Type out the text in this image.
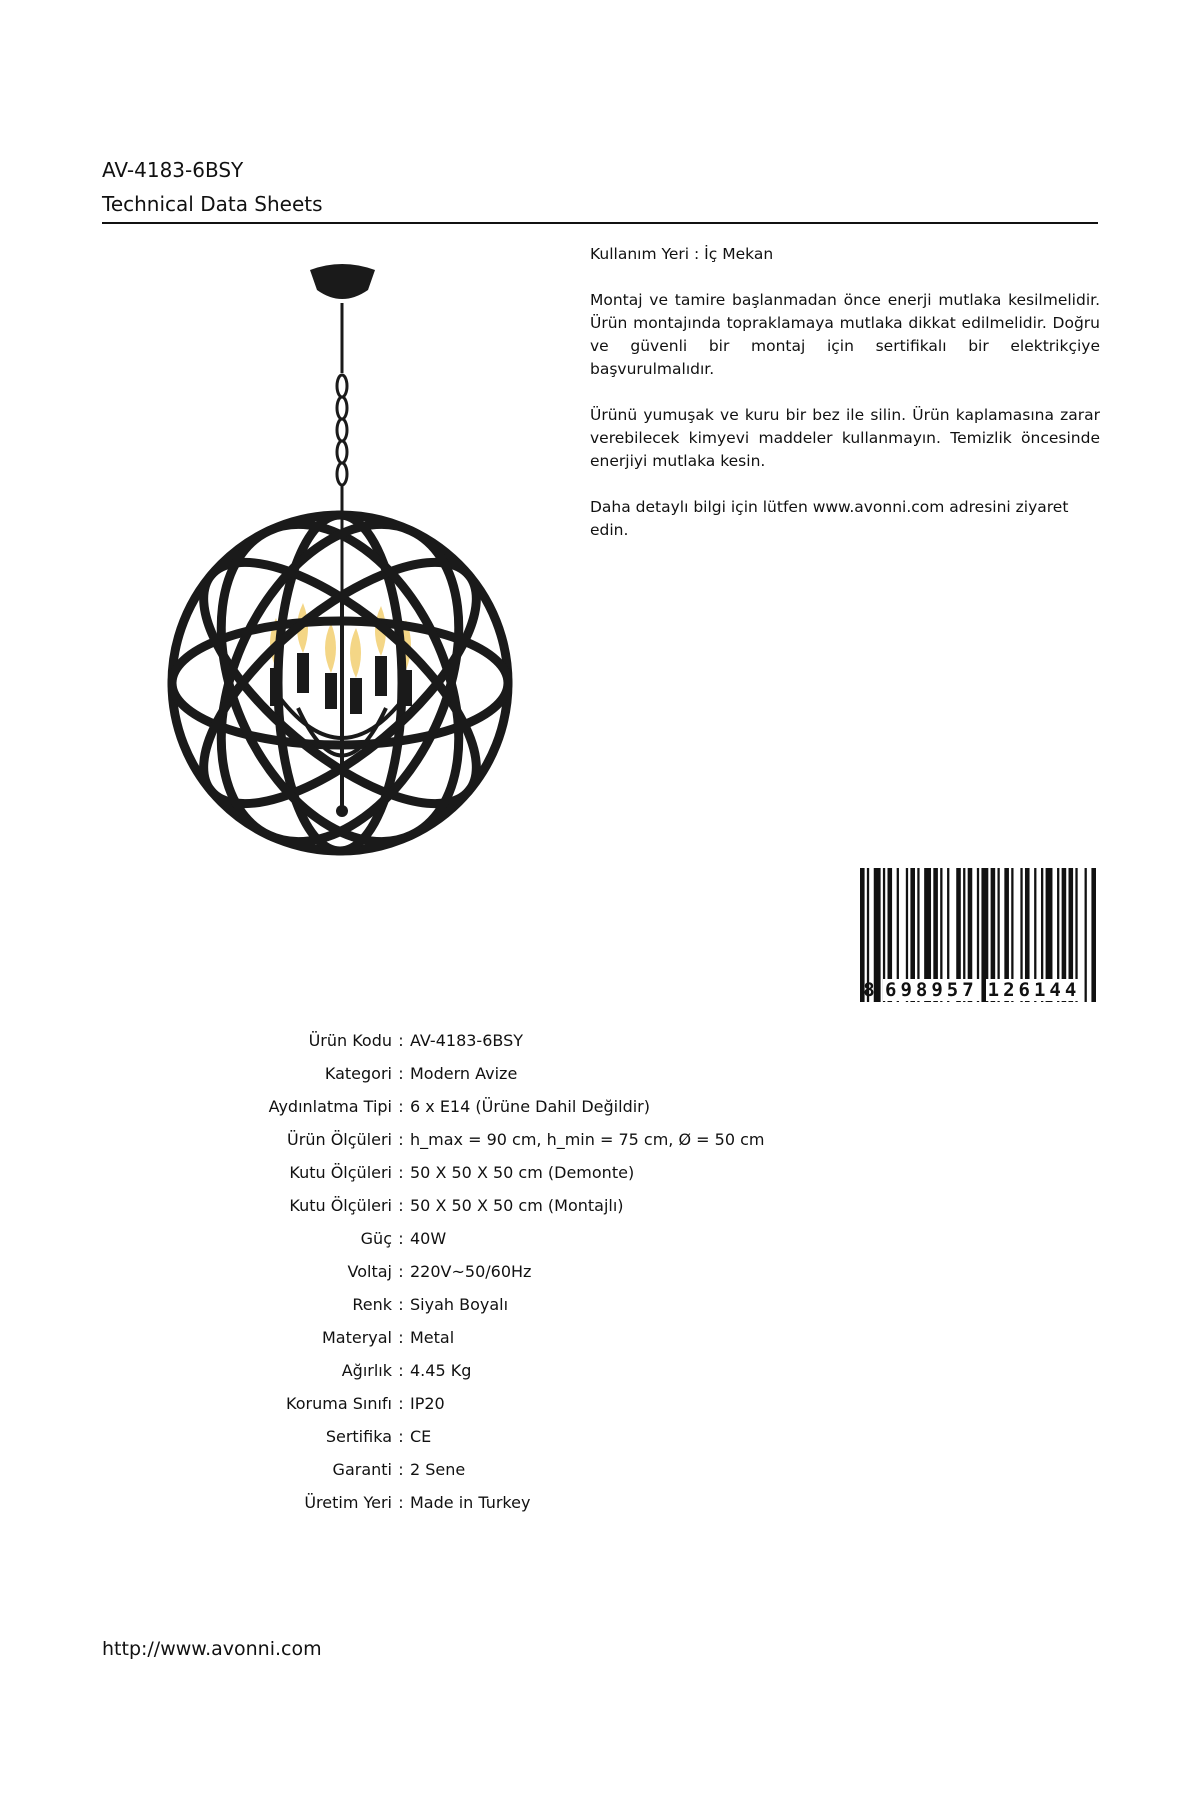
AV-4183-6BSY
Technical Data Sheets

Kullanım Yeri : İç Mekan

Montaj ve tamire başlanmadan önce enerji mutlaka kesilmelidir. Ürün montajında topraklamaya mutlaka dikkat edilmelidir. Doğru ve güvenli bir montaj için sertifikalı bir elektrikçiye başvurulmalıdır.

Ürünü yumuşak ve kuru bir bez ile silin. Ürün kaplamasına zarar verebilecek kimyevi maddeler kullanmayın. Temizlik öncesinde enerjiyi mutlaka kesin.

Daha detaylı bilgi için lütfen www.avonni.com adresini ziyaret edin.

8 698957 126144
Ürün Kodu : AV-4183-6BSY
Kategori : Modern Avize
Aydınlatma Tipi : 6 x E14 (Ürüne Dahil Değildir)
Ürün Ölçüleri : h_max = 90 cm, h_min = 75 cm, Ø = 50 cm
Kutu Ölçüleri : 50 X 50 X 50 cm (Demonte)
Kutu Ölçüleri : 50 X 50 X 50 cm (Montajlı)
Güç : 40W
Voltaj : 220V~50/60Hz
Renk : Siyah Boyalı
Materyal : Metal
Ağırlık : 4.45 Kg
Koruma Sınıfı : IP20
Sertifika : CE
Garanti : 2 Sene
Üretim Yeri : Made in Turkey
http://www.avonni.com
